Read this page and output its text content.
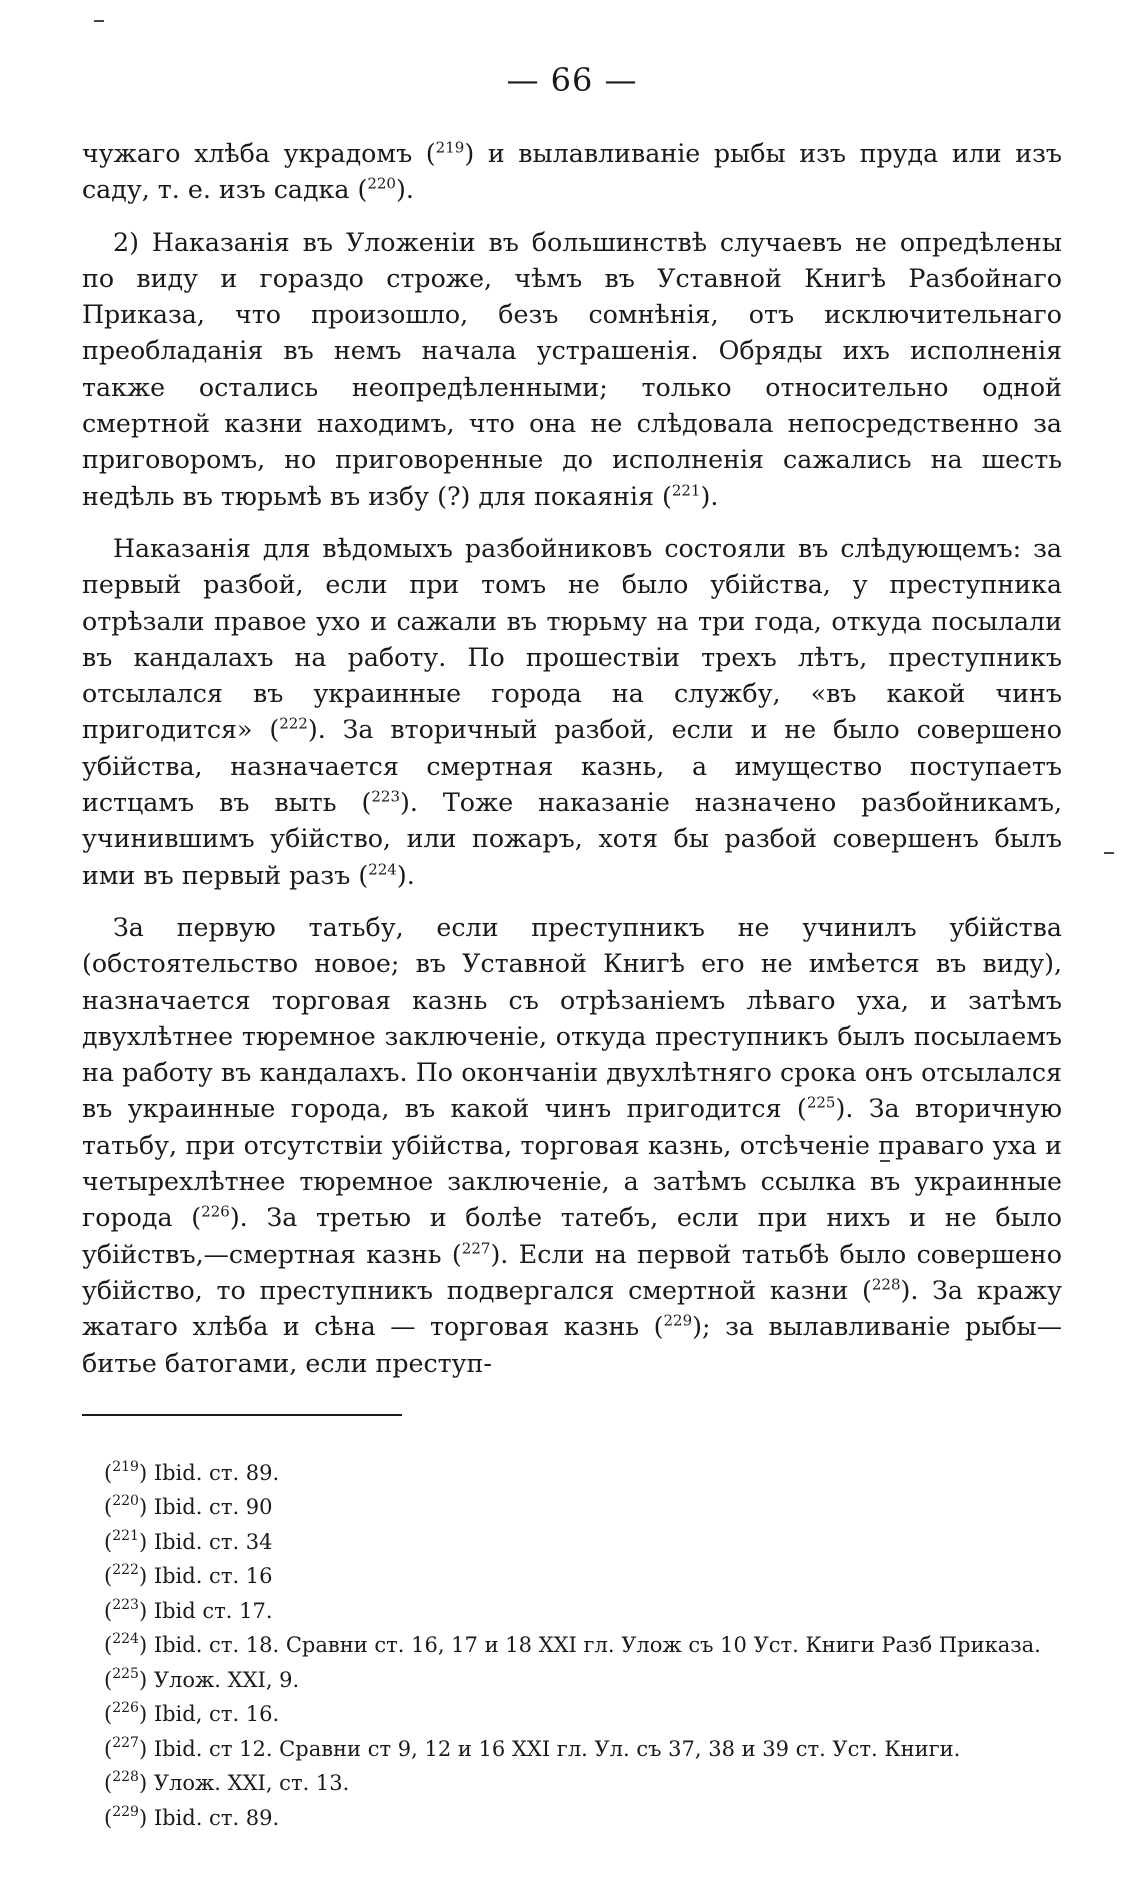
— 66 —

чужаго хлѣба украдомъ ($^{219}$) и вылавливаніе рыбы изъ пруда или изъ саду, т. е. изъ садка ($^{220}$).

2) Наказанія въ Уложеніи въ большинствѣ случаевъ не опредѣлены по виду и гораздо строже, чѣмъ въ Уставной Книгѣ Разбойнаго Приказа, что произошло, безъ сомнѣнія, отъ исключительнаго преобладанія въ немъ начала устрашенія. Обряды ихъ исполненія также остались неопредѣленными; только относительно одной смертной казни находимъ, что она не слѣдовала непосредственно за приговоромъ, но приговоренные до исполненія сажались на шесть недѣль въ тюрьмѣ въ избу (?) для покаянія ($^{221}$).

Наказанія для вѣдомыхъ разбойниковъ состояли въ слѣдующемъ: за первый разбой, если при томъ не было убійства, у преступника отрѣзали правое ухо и сажали въ тюрьму на три года, откуда посылали въ кандалахъ на работу. По прошествіи трехъ лѣтъ, преступникъ отсылался въ украинные города на службу, «въ какой чинъ пригодится» ($^{222}$). За вторичный разбой, если и не было совершено убійства, назначается смертная казнь, а имущество поступаетъ истцамъ въ выть ($^{223}$). Тоже наказаніе назначено разбойникамъ, учинившимъ убійство, или пожаръ, хотя бы разбой совершенъ былъ ими въ первый разъ ($^{224}$).

За первую татьбу, если преступникъ не учинилъ убійства (обстоятельство новое; въ Уставной Книгѣ его не имѣется въ виду), назначается торговая казнь съ отрѣзаніемъ лѣваго уха, и затѣмъ двухлѣтнее тюремное заключеніе, откуда преступникъ былъ посылаемъ на работу въ кандалахъ. По окончаніи двухлѣтняго срока онъ отсылался въ украинные города, въ какой чинъ пригодится ($^{225}$). За вторичную татьбу, при отсутствіи убійства, торговая казнь, отсѣченіе праваго уха и четырехлѣтнее тюремное заключеніе, а затѣмъ ссылка въ украинные города ($^{226}$). За третью и болѣе татебъ, если при нихъ и не было убійствъ,—смертная казнь ($^{227}$). Если на первой татьбѣ было совершено убійство, то преступникъ подвергался смертной казни ($^{228}$). За кражу жатаго хлѣба и сѣна — торговая казнь ($^{229}$); за вылавливаніе рыбы—битье батогами, если преступ-

($^{219}$) Ibid. ст. 89.

($^{220}$) Ibid. ст. 90

($^{221}$) Ibid. ст. 34

($^{222}$) Ibid. ст. 16

($^{223}$) Ibid ст. 17.

($^{224}$) Ibid. ст. 18. Сравни ст. 16, 17 и 18 XXI гл. Улож съ 10 Уст. Книги Разб Приказа.

($^{225}$) Улож. XXI, 9.

($^{226}$) Ibid, ст. 16.

($^{227}$) Ibid. ст 12. Сравни ст 9, 12 и 16 XXI гл. Ул. съ 37, 38 и 39 ст. Уст. Книги.

($^{228}$) Улож. XXI, ст. 13.

($^{229}$) Ibid. ст. 89.
